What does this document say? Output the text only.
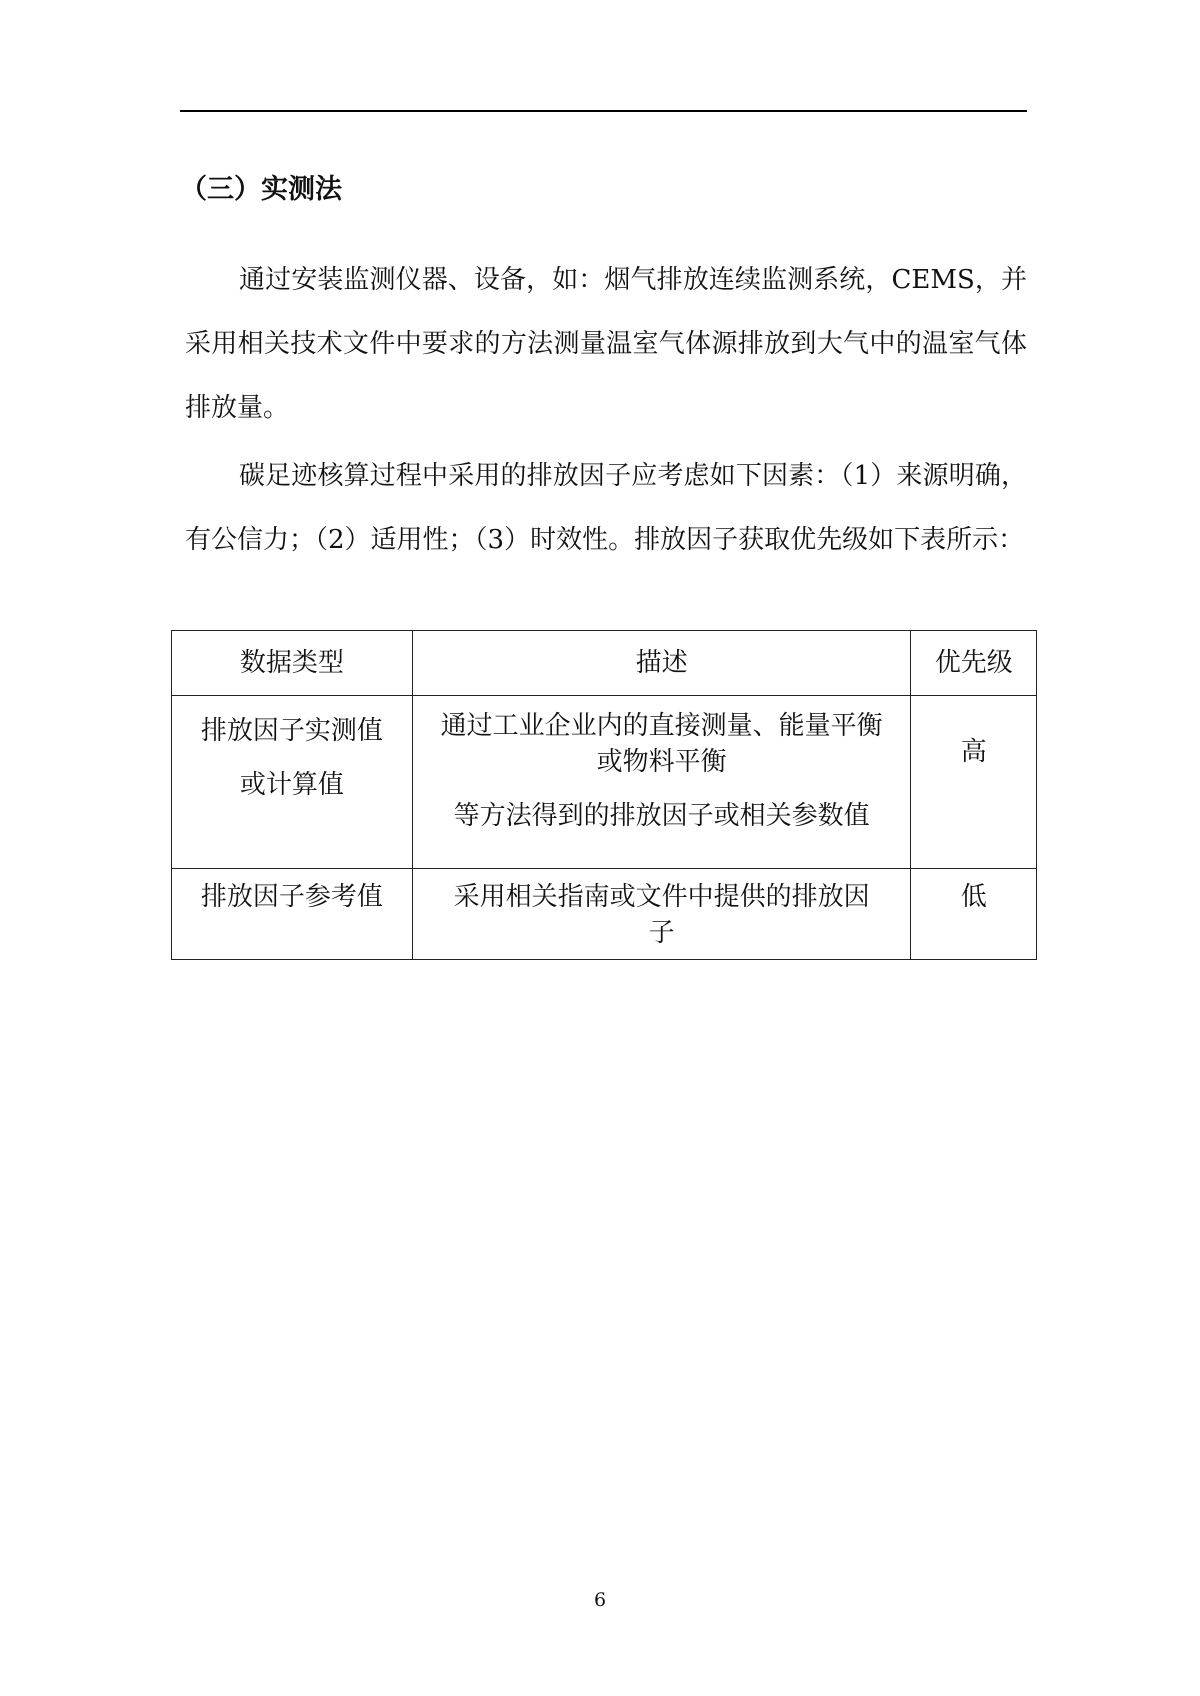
（三）实测法

通过安装监测仪器、设备，如：烟气排放连续监测系统，CEMS，并采用相关技术文件中要求的方法测量温室气体源排放到大气中的温室气体排放量。

碳足迹核算过程中采用的排放因子应考虑如下因素：（1）来源明确，有公信力；（2）适用性；（3）时效性。排放因子获取优先级如下表所示：

数据类型	描述	优先级

排放因子实测值
或计算值	通过工业企业内的直接测量、能量平衡
或物料平衡
等方法得到的排放因子或相关参数值	高

排放因子参考值	采用相关指南或文件中提供的排放因
子	低
6
